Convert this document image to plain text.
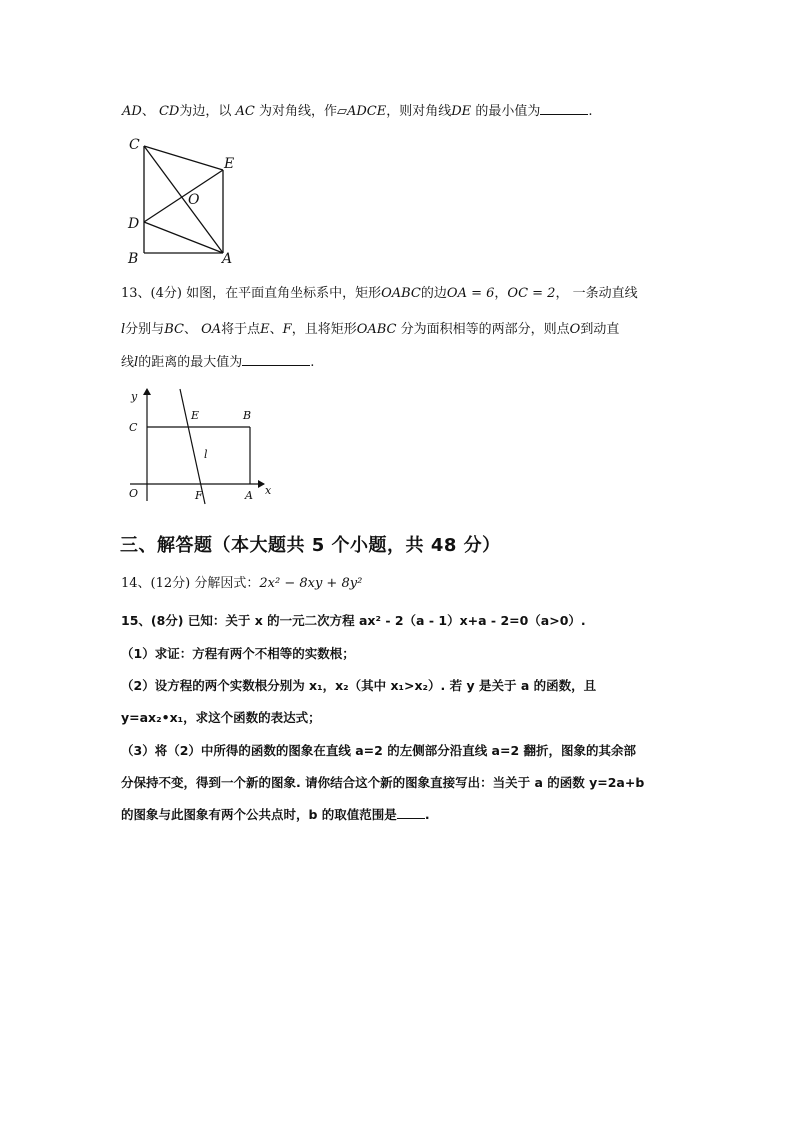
AD、 CD为边，以 AC 为对角线，作▱ADCE，则对角线DE 的最小值为	.
C
E
O
D
B	A
13、(4分) 如图，在平面直角坐标系中，矩形OABC的边OA = 6，OC = 2， 一条动直线
l分别与BC、 OA将于点E、F，且将矩形OABC 分为面积相等的两部分，则点O到动直
线l的距离的最大值为	.
y
C
E	B
l
O	F	A x
三、解答题（本大题共 5 个小题，共 48 分）
14、(12分) 分解因式：2x² − 8xy + 8y²
15、(8分) 已知：关于 x 的一元二次方程 ax² - 2（a - 1）x+a - 2=0（a>0）.
（1）求证：方程有两个不相等的实数根；
（2）设方程的两个实数根分别为 x₁，x₂（其中 x₁>x₂）. 若 y 是关于 a 的函数，且
y=ax₂•x₁，求这个函数的表达式；
（3）将（2）中所得的函数的图象在直线 a=2 的左侧部分沿直线 a=2 翻折，图象的其余部
分保持不变，得到一个新的图象. 请你结合这个新的图象直接写出：当关于 a 的函数 y=2a+b
的图象与此图象有两个公共点时，b 的取值范围是 .
